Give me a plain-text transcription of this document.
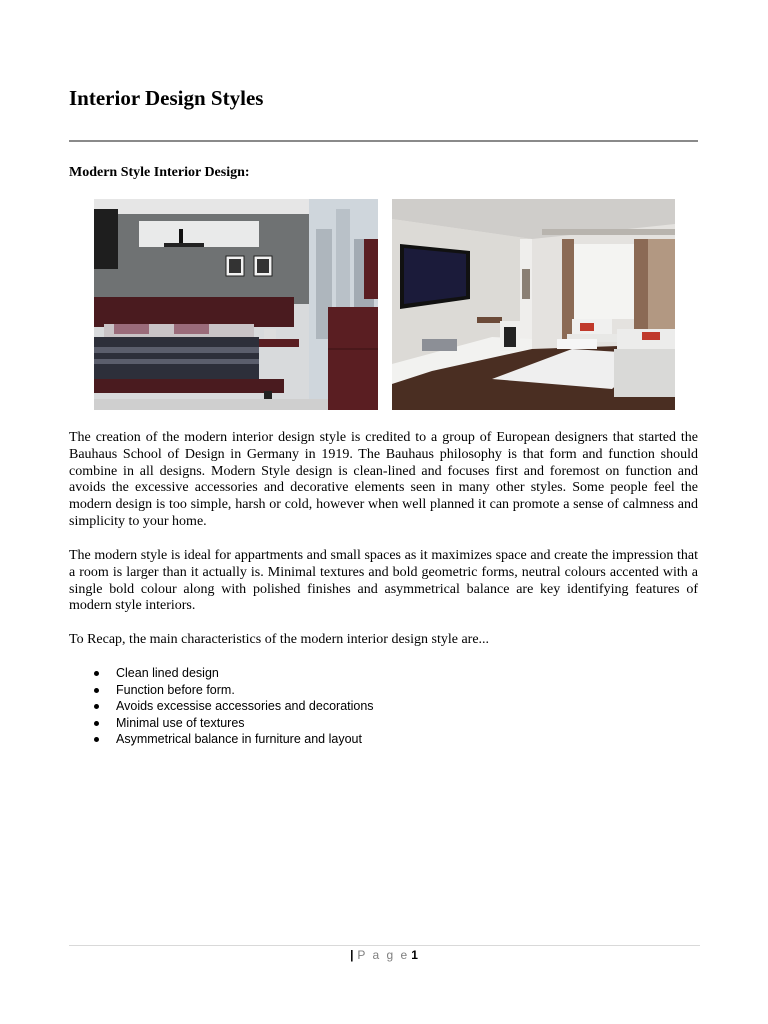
Interior Design Styles
Modern Style Interior Design:

The creation of the modern interior design style is credited to a group of European designers that started the Bauhaus School of Design in Germany in 1919. The Bauhaus philosophy is that form and function should combine in all designs. Modern Style design is clean-lined and focuses first and foremost on function and avoids the excessive accessories and decorative elements seen in many other styles. Some people feel the modern design is too simple, harsh or cold, however when well planned it can promote a sense of calmness and simplicity to your home.

The modern style is ideal for appartments and small spaces as it maximizes space and create the impression that a room is larger than it actually is. Minimal textures and bold geometric forms, neutral colours accented with a single bold colour along with polished finishes and asymmetrical balance are key identifying features of modern style interiors.

To Recap, the main characteristics of the modern interior design style are...

Clean lined design
Function before form.
Avoids excessise accessories and decorations
Minimal use of textures
Asymmetrical balance in furniture and layout
| P a g e 1
